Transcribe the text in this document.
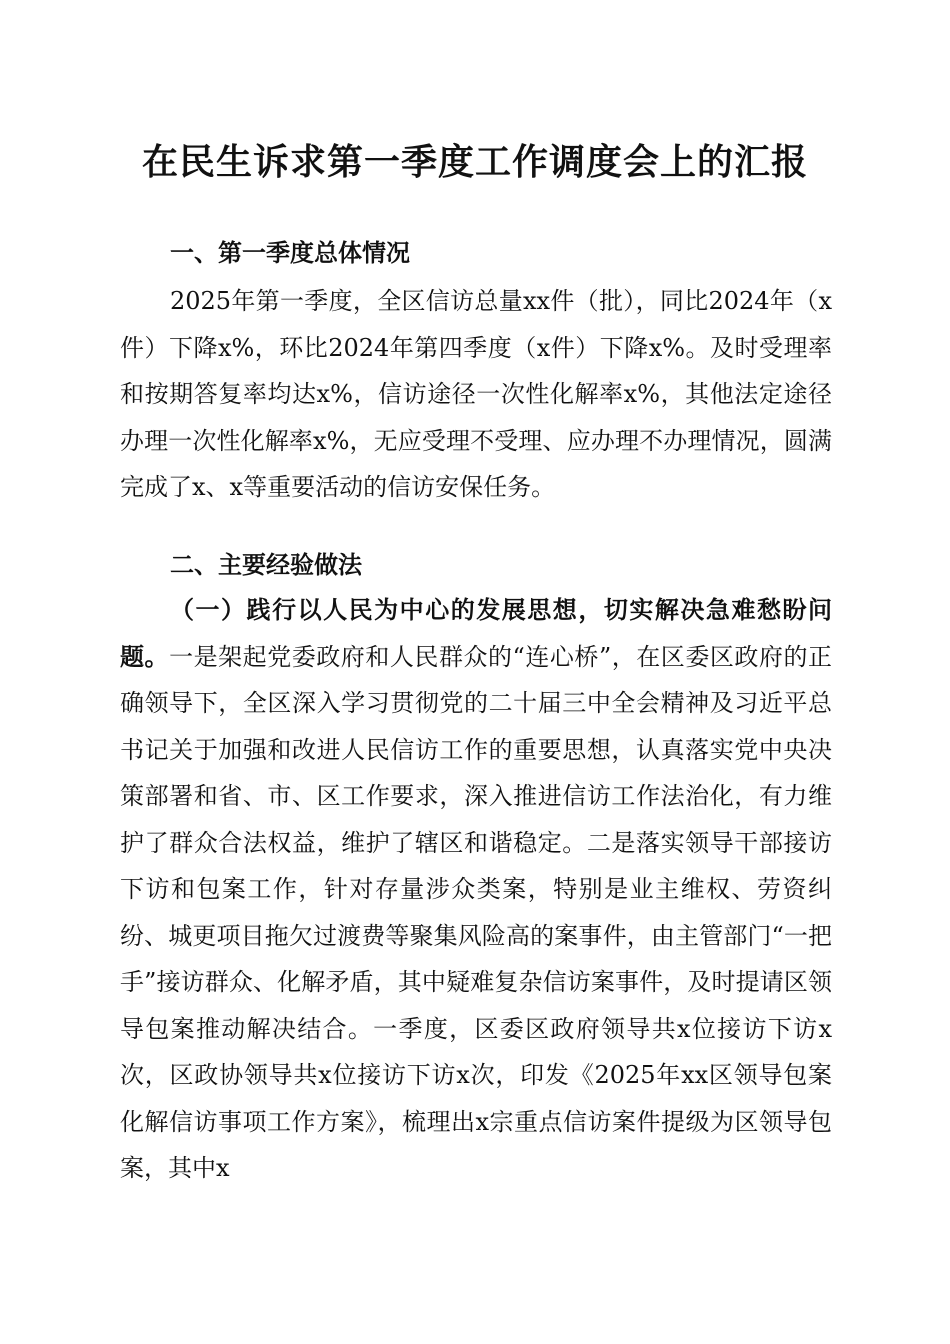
在民生诉求第一季度工作调度会上的汇报
一、第一季度总体情况

2025年第一季度，全区信访总量xx件（批），同比2024年（x件）下降x%，环比2024年第四季度（x件）下降x%。及时受理率和按期答复率均达x%，信访途径一次性化解率x%，其他法定途径办理一次性化解率x%，无应受理不受理、应办理不办理情况，圆满完成了x、x等重要活动的信访安保任务。

二、主要经验做法

（一）践行以人民为中心的发展思想，切实解决急难愁盼问题。一是架起党委政府和人民群众的“连心桥”，在区委区政府的正确领导下，全区深入学习贯彻党的二十届三中全会精神及习近平总书记关于加强和改进人民信访工作的重要思想，认真落实党中央决策部署和省、市、区工作要求，深入推进信访工作法治化，有力维护了群众合法权益，维护了辖区和谐稳定。二是落实领导干部接访下访和包案工作，针对存量涉众类案，特别是业主维权、劳资纠纷、城更项目拖欠过渡费等聚集风险高的案事件，由主管部门“一把手”接访群众、化解矛盾，其中疑难复杂信访案事件，及时提请区领导包案推动解决结合。一季度，区委区政府领导共x位接访下访x次，区政协领导共x位接访下访x次，印发《2025年xx区领导包案化解信访事项工作方案》，梳理出x宗重点信访案件提级为区领导包案，其中x
